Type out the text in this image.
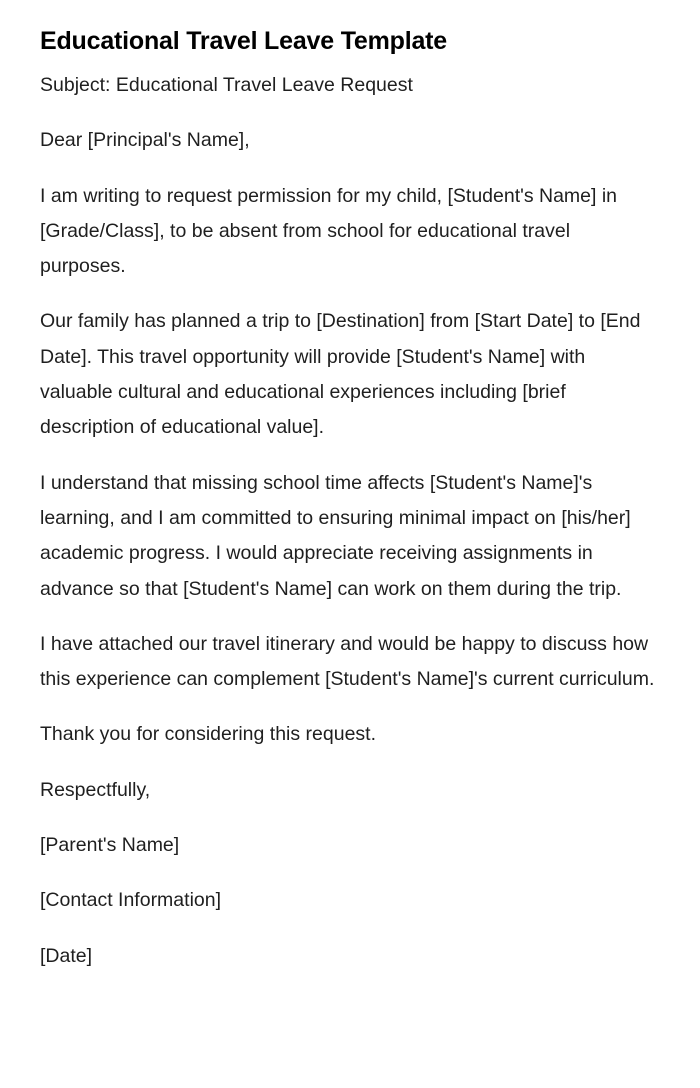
Educational Travel Leave Template

Subject: Educational Travel Leave Request

Dear [Principal's Name],

I am writing to request permission for my child, [Student's Name] in [Grade/Class], to be absent from school for educational travel purposes.

Our family has planned a trip to [Destination] from [Start Date] to [End Date]. This travel opportunity will provide [Student's Name] with valuable cultural and educational experiences including [brief description of educational value].

I understand that missing school time affects [Student's Name]'s learning, and I am committed to ensuring minimal impact on [his/her] academic progress. I would appreciate receiving assignments in advance so that [Student's Name] can work on them during the trip.

I have attached our travel itinerary and would be happy to discuss how this experience can complement [Student's Name]'s current curriculum.

Thank you for considering this request.

Respectfully,

[Parent's Name]

[Contact Information]

[Date]
